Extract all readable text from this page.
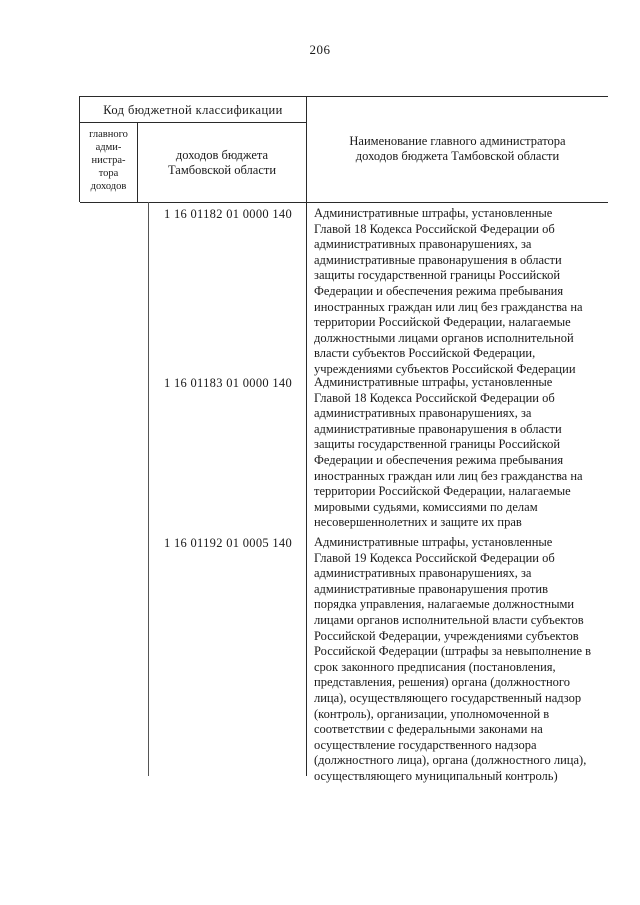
206
Код бюджетной классификации
главного
адми-
нистра-
тора
доходов
доходов бюджета
Тамбовской области
Наименование главного администратора
доходов бюджета Тамбовской области
1 16 01182 01 0000 140	Административные штрафы, установленные
Главой 18 Кодекса Российской Федерации об
административных правонарушениях, за
административные правонарушения в области
защиты государственной границы Российской
Федерации и обеспечения режима пребывания
иностранных граждан или лиц без гражданства на
территории Российской Федерации, налагаемые
должностными лицами органов исполнительной
власти субъектов Российской Федерации,
учреждениями субъектов Российской Федерации
1 16 01183 01 0000 140	Административные штрафы, установленные
Главой 18 Кодекса Российской Федерации об
административных правонарушениях, за
административные правонарушения в области
защиты государственной границы Российской
Федерации и обеспечения режима пребывания
иностранных граждан или лиц без гражданства на
территории Российской Федерации, налагаемые
мировыми судьями, комиссиями по делам
несовершеннолетних и защите их прав
1 16 01192 01 0005 140	Административные штрафы, установленные
Главой 19 Кодекса Российской Федерации об
административных правонарушениях, за
административные правонарушения против
порядка управления, налагаемые должностными
лицами органов исполнительной власти субъектов
Российской Федерации, учреждениями субъектов
Российской Федерации (штрафы за невыполнение в
срок законного предписания (постановления,
представления, решения) органа (должностного
лица), осуществляющего государственный надзор
(контроль), организации, уполномоченной в
соответствии с федеральными законами на
осуществление государственного надзора
(должностного лица), органа (должностного лица),
осуществляющего муниципальный контроль)
